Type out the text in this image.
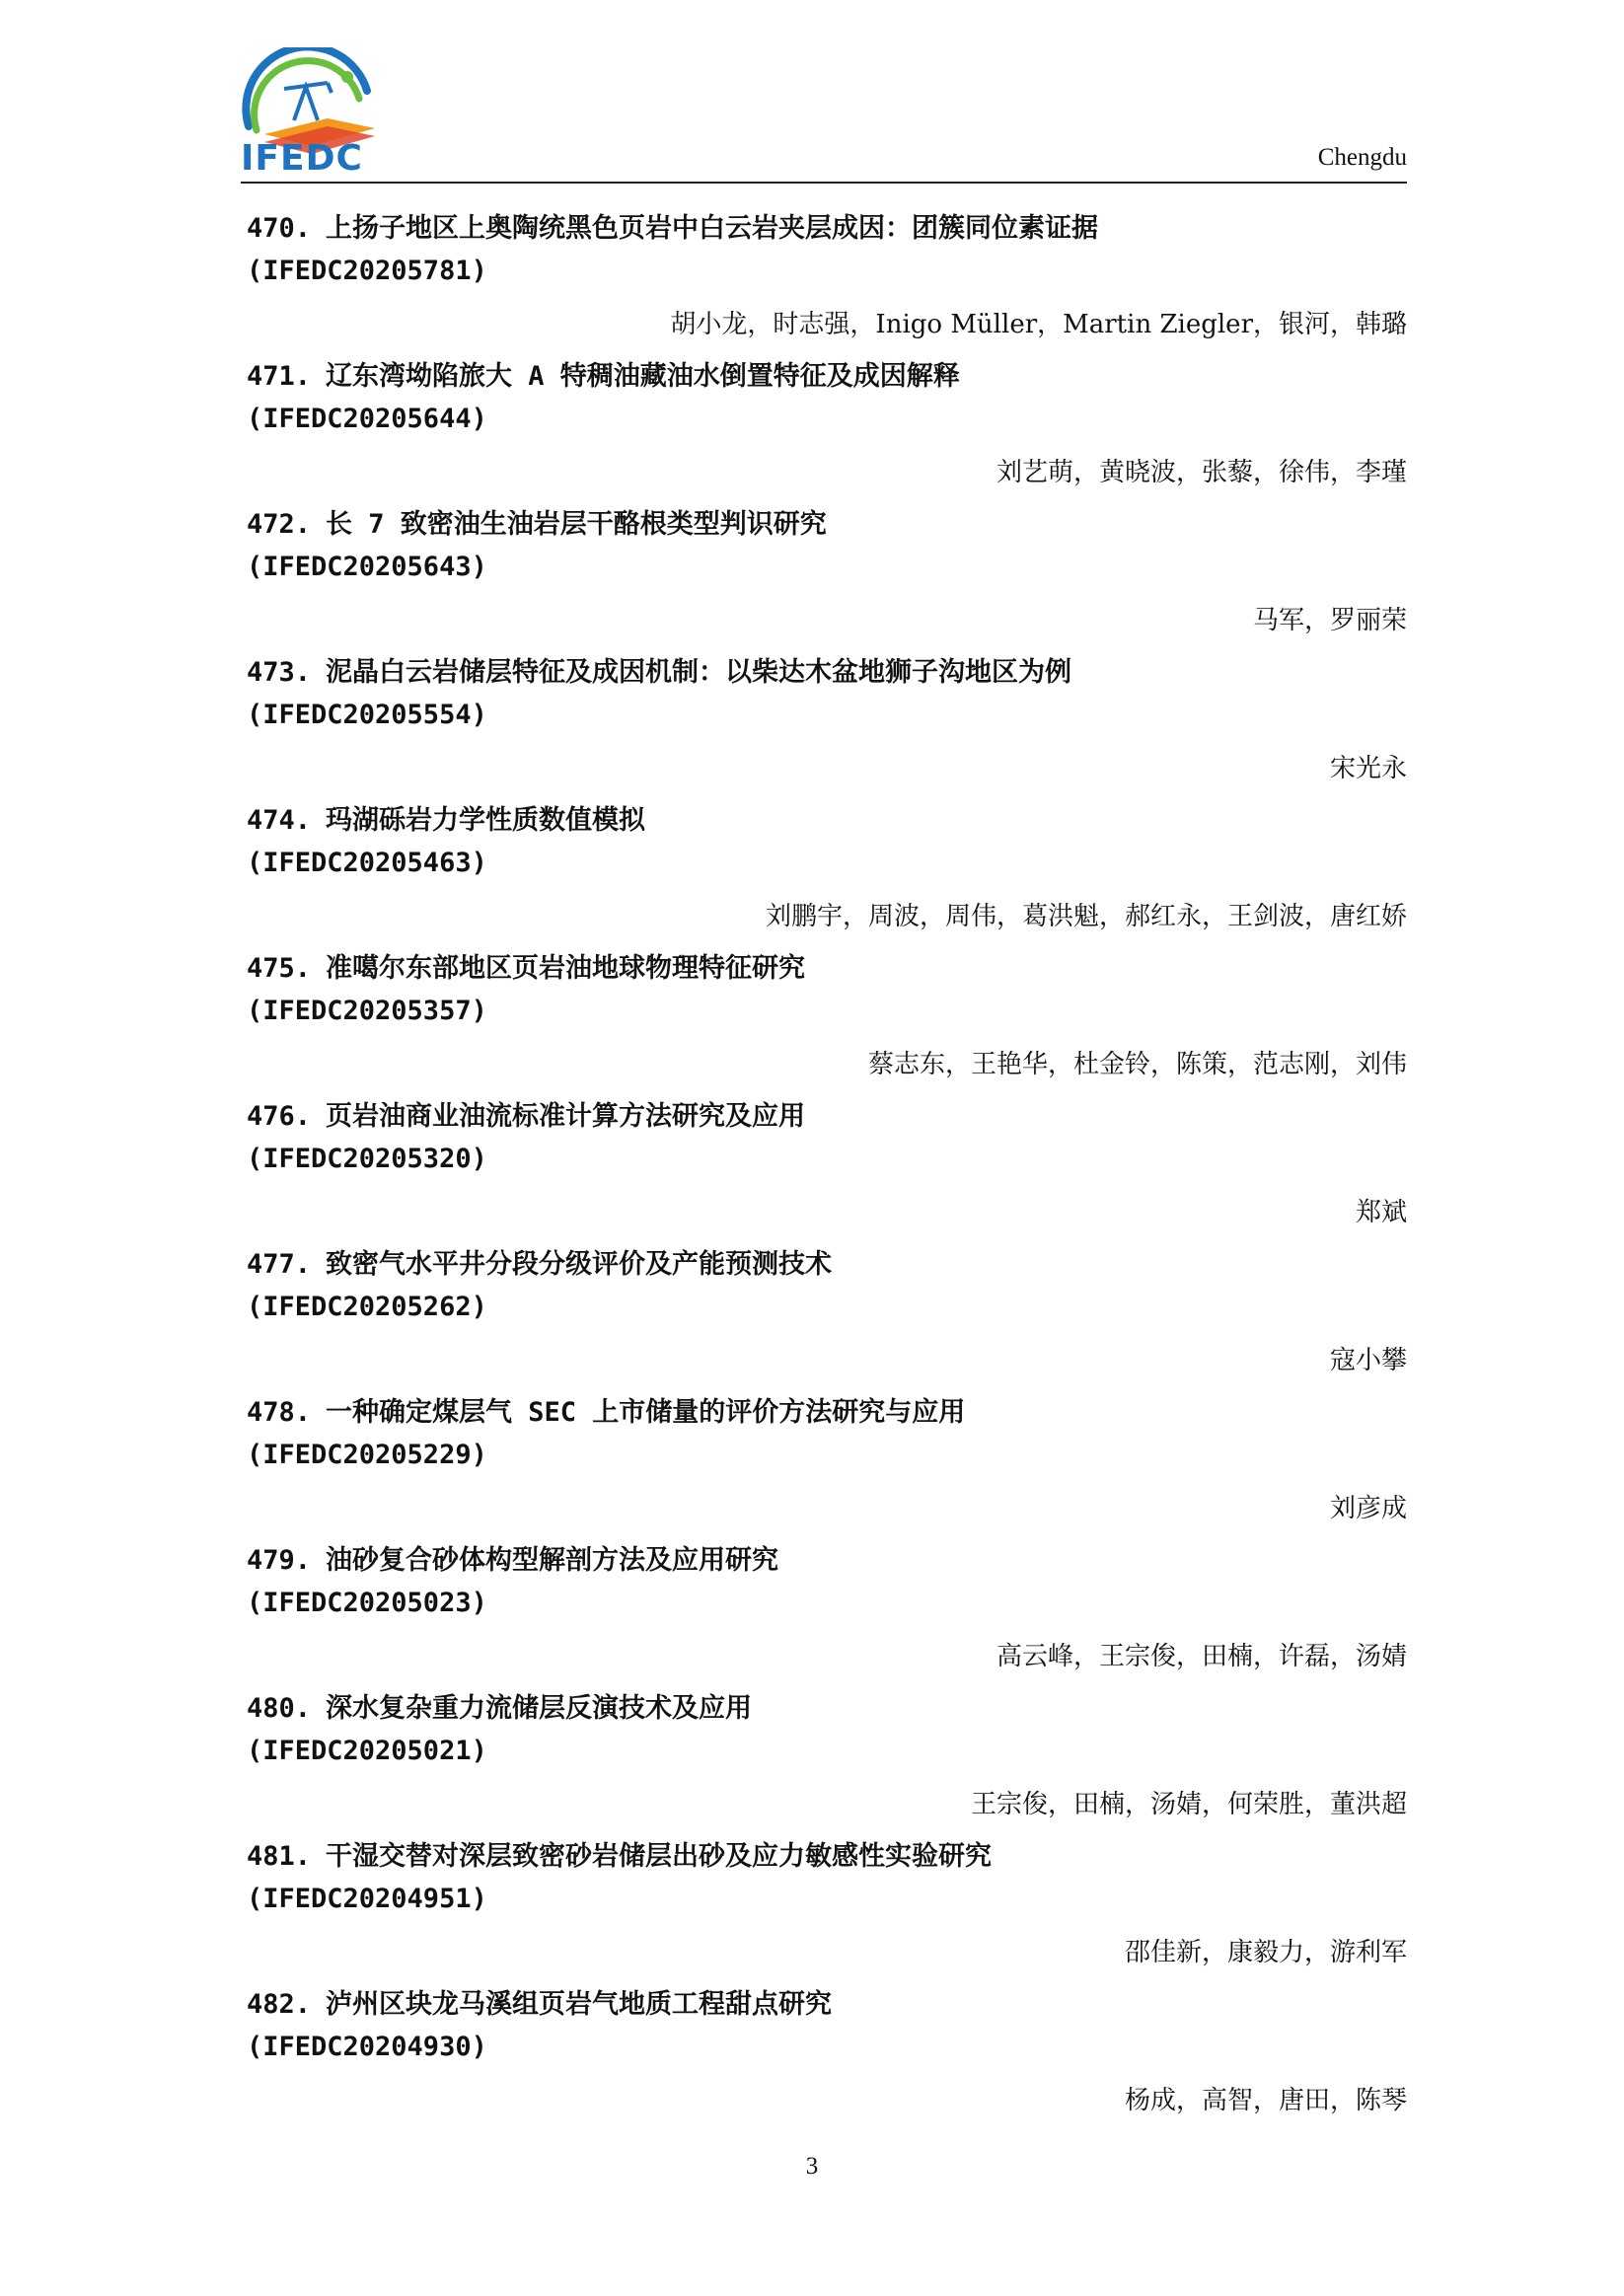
IFEDC	Chengdu
470. 上扬子地区上奥陶统黑色页岩中白云岩夹层成因：团簇同位素证据
(IFEDC20205781)
胡小龙，时志强，Inigo Müller，Martin Ziegler，银河，韩璐
471. 辽东湾坳陷旅大 A 特稠油藏油水倒置特征及成因解释
(IFEDC20205644)
刘艺萌，黄晓波，张藜，徐伟，李瑾
472. 长 7 致密油生油岩层干酪根类型判识研究
(IFEDC20205643)
马军，罗丽荣
473. 泥晶白云岩储层特征及成因机制：以柴达木盆地狮子沟地区为例
(IFEDC20205554)
宋光永
474. 玛湖砾岩力学性质数值模拟
(IFEDC20205463)
刘鹏宇，周波，周伟，葛洪魁，郝红永，王剑波，唐红娇
475. 准噶尔东部地区页岩油地球物理特征研究
(IFEDC20205357)
蔡志东，王艳华，杜金铃，陈策，范志刚，刘伟
476. 页岩油商业油流标准计算方法研究及应用
(IFEDC20205320)
郑斌
477. 致密气水平井分段分级评价及产能预测技术
(IFEDC20205262)
寇小攀
478. 一种确定煤层气 SEC 上市储量的评价方法研究与应用
(IFEDC20205229)
刘彦成
479. 油砂复合砂体构型解剖方法及应用研究
(IFEDC20205023)
高云峰，王宗俊，田楠，许磊，汤婧
480. 深水复杂重力流储层反演技术及应用
(IFEDC20205021)
王宗俊，田楠，汤婧，何荣胜，董洪超
481. 干湿交替对深层致密砂岩储层出砂及应力敏感性实验研究
(IFEDC20204951)
邵佳新，康毅力，游利军
482. 泸州区块龙马溪组页岩气地质工程甜点研究
(IFEDC20204930)
杨成，高智，唐田，陈琴
3
